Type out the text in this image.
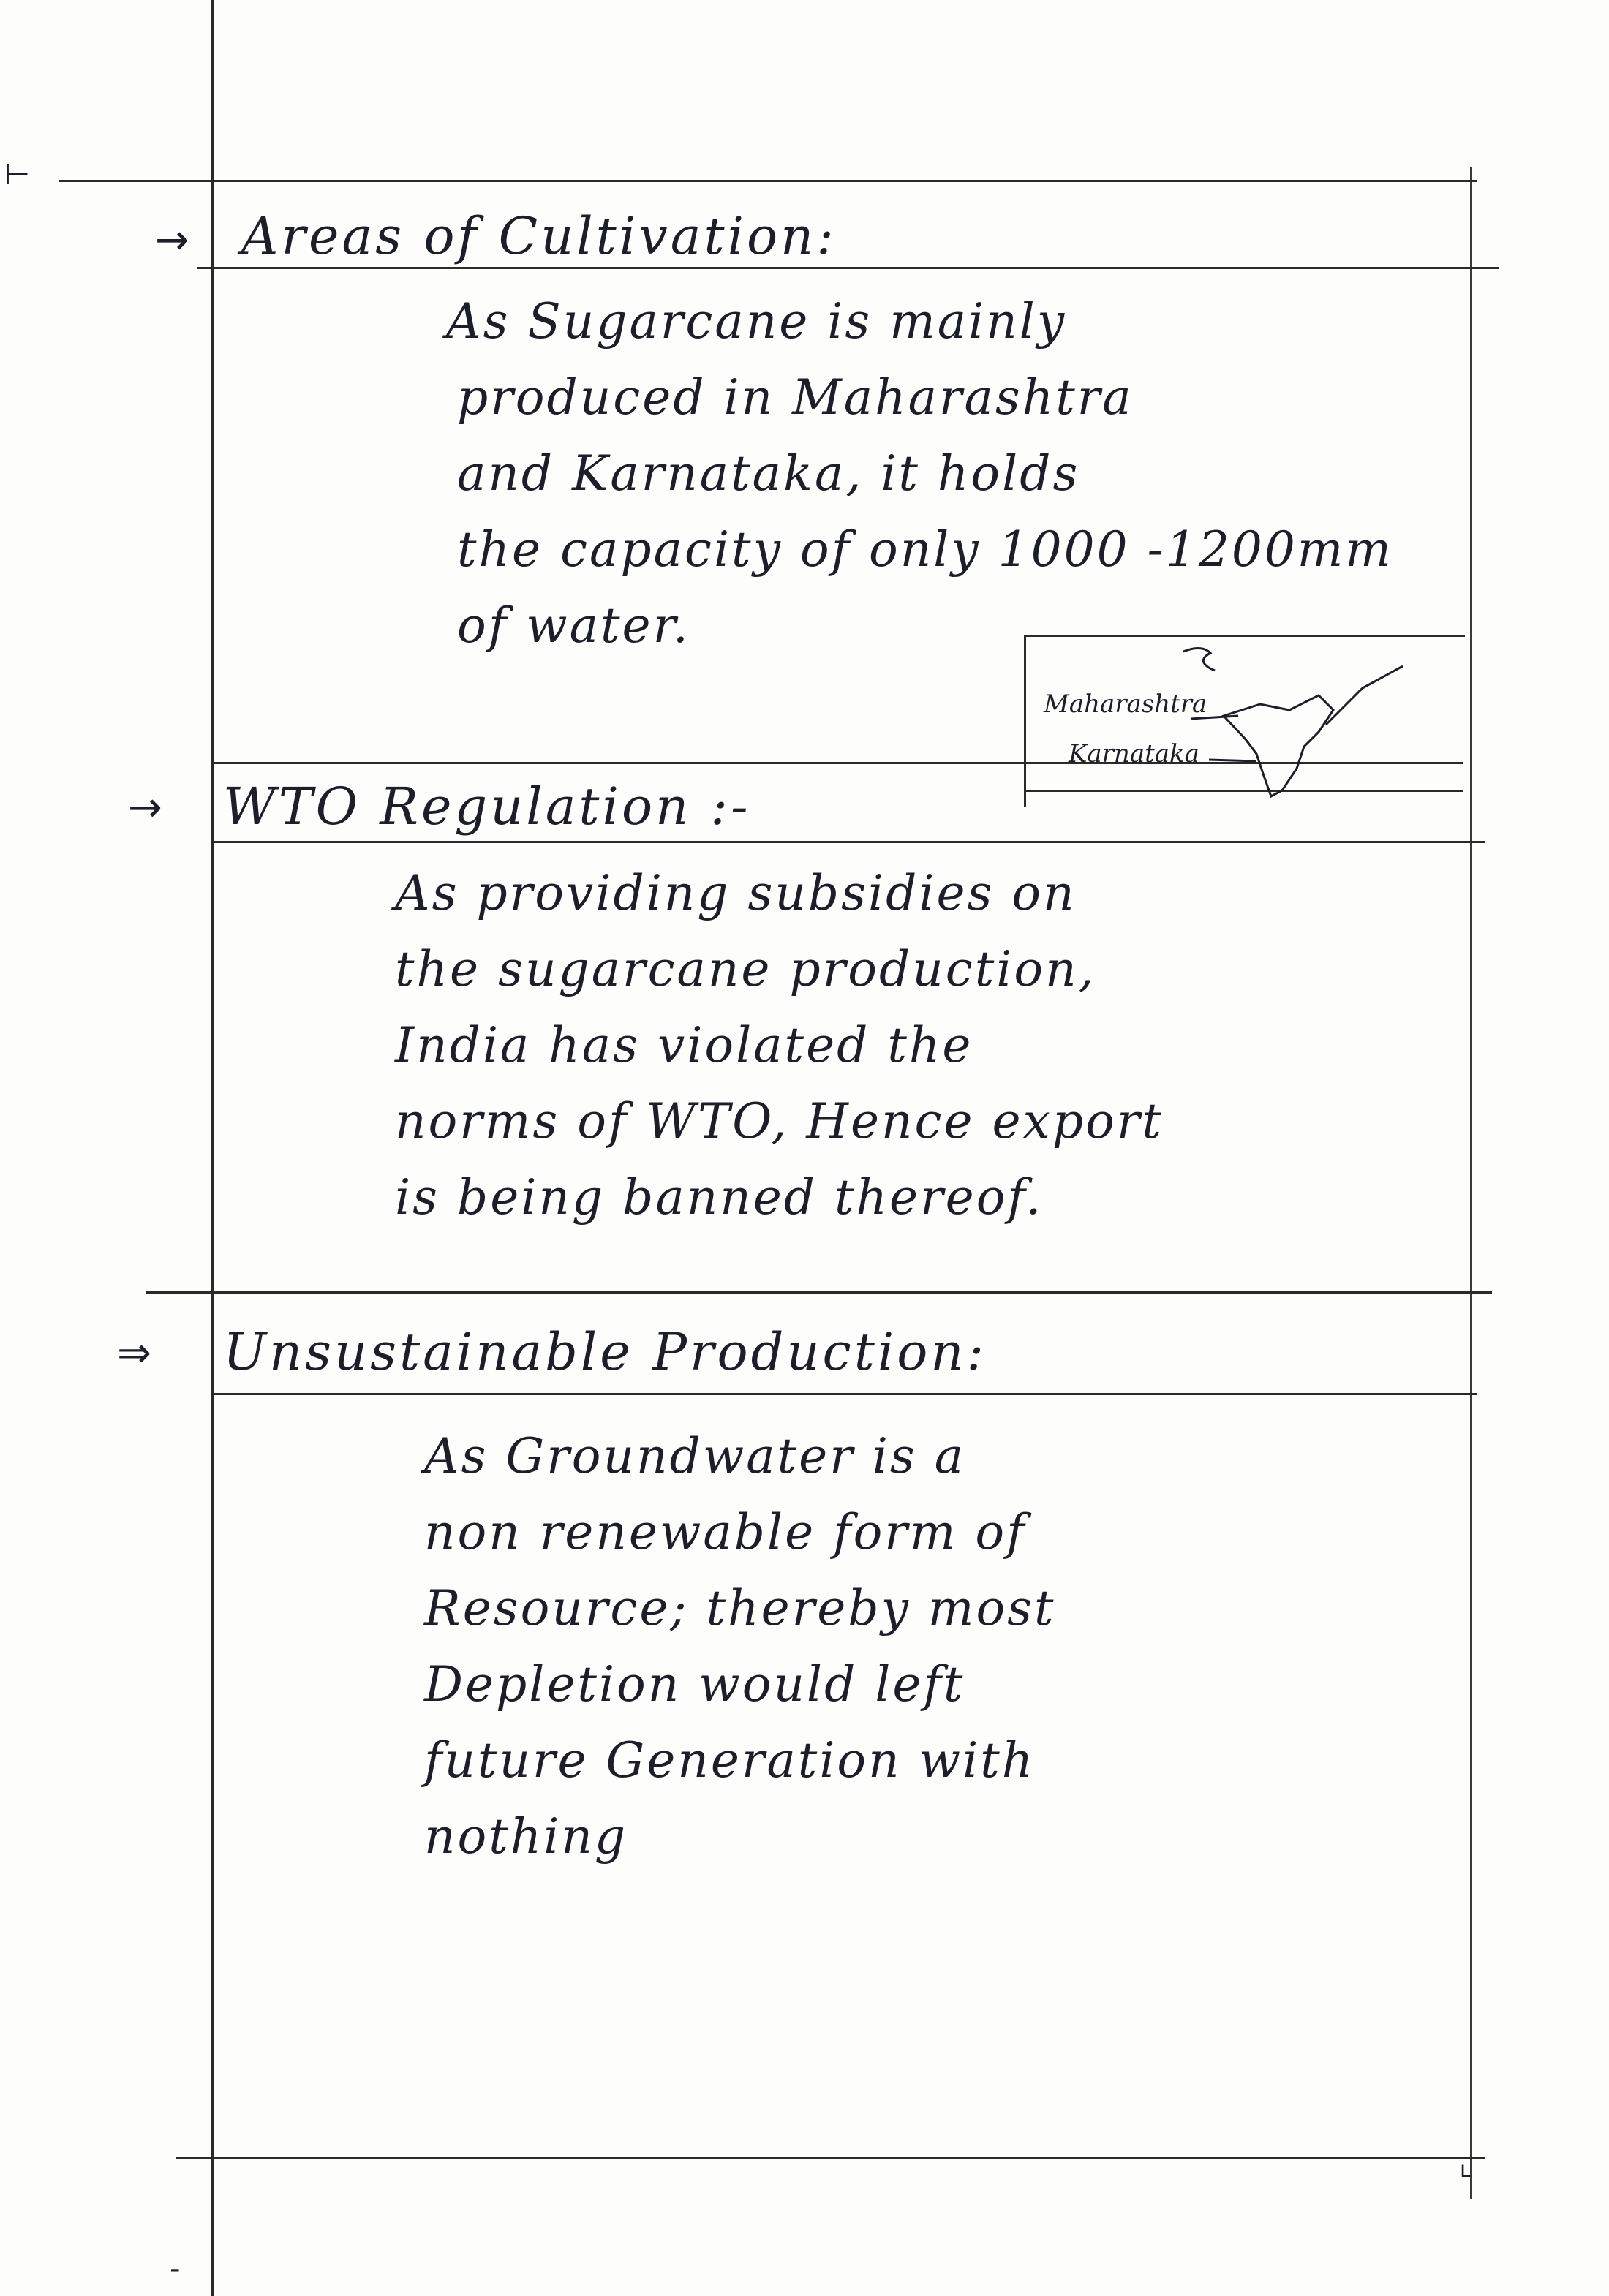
→ Areas of Cultivation:
As Sugarcane is mainly
produced in Maharashtra
and Karnataka, it holds
the capacity of only 1000 -1200mm
of water.
Maharashtra
Karnataka
→ WTO Regulation :-
As providing subsidies on
the sugarcane production,
India has violated the
norms of WTO, Hence export
is being banned thereof.
⇒ Unsustainable Production:
As Groundwater is a
non renewable form of
Resource; thereby most
Depletion would left
future Generation with
nothing
⊢
-
ʟ
